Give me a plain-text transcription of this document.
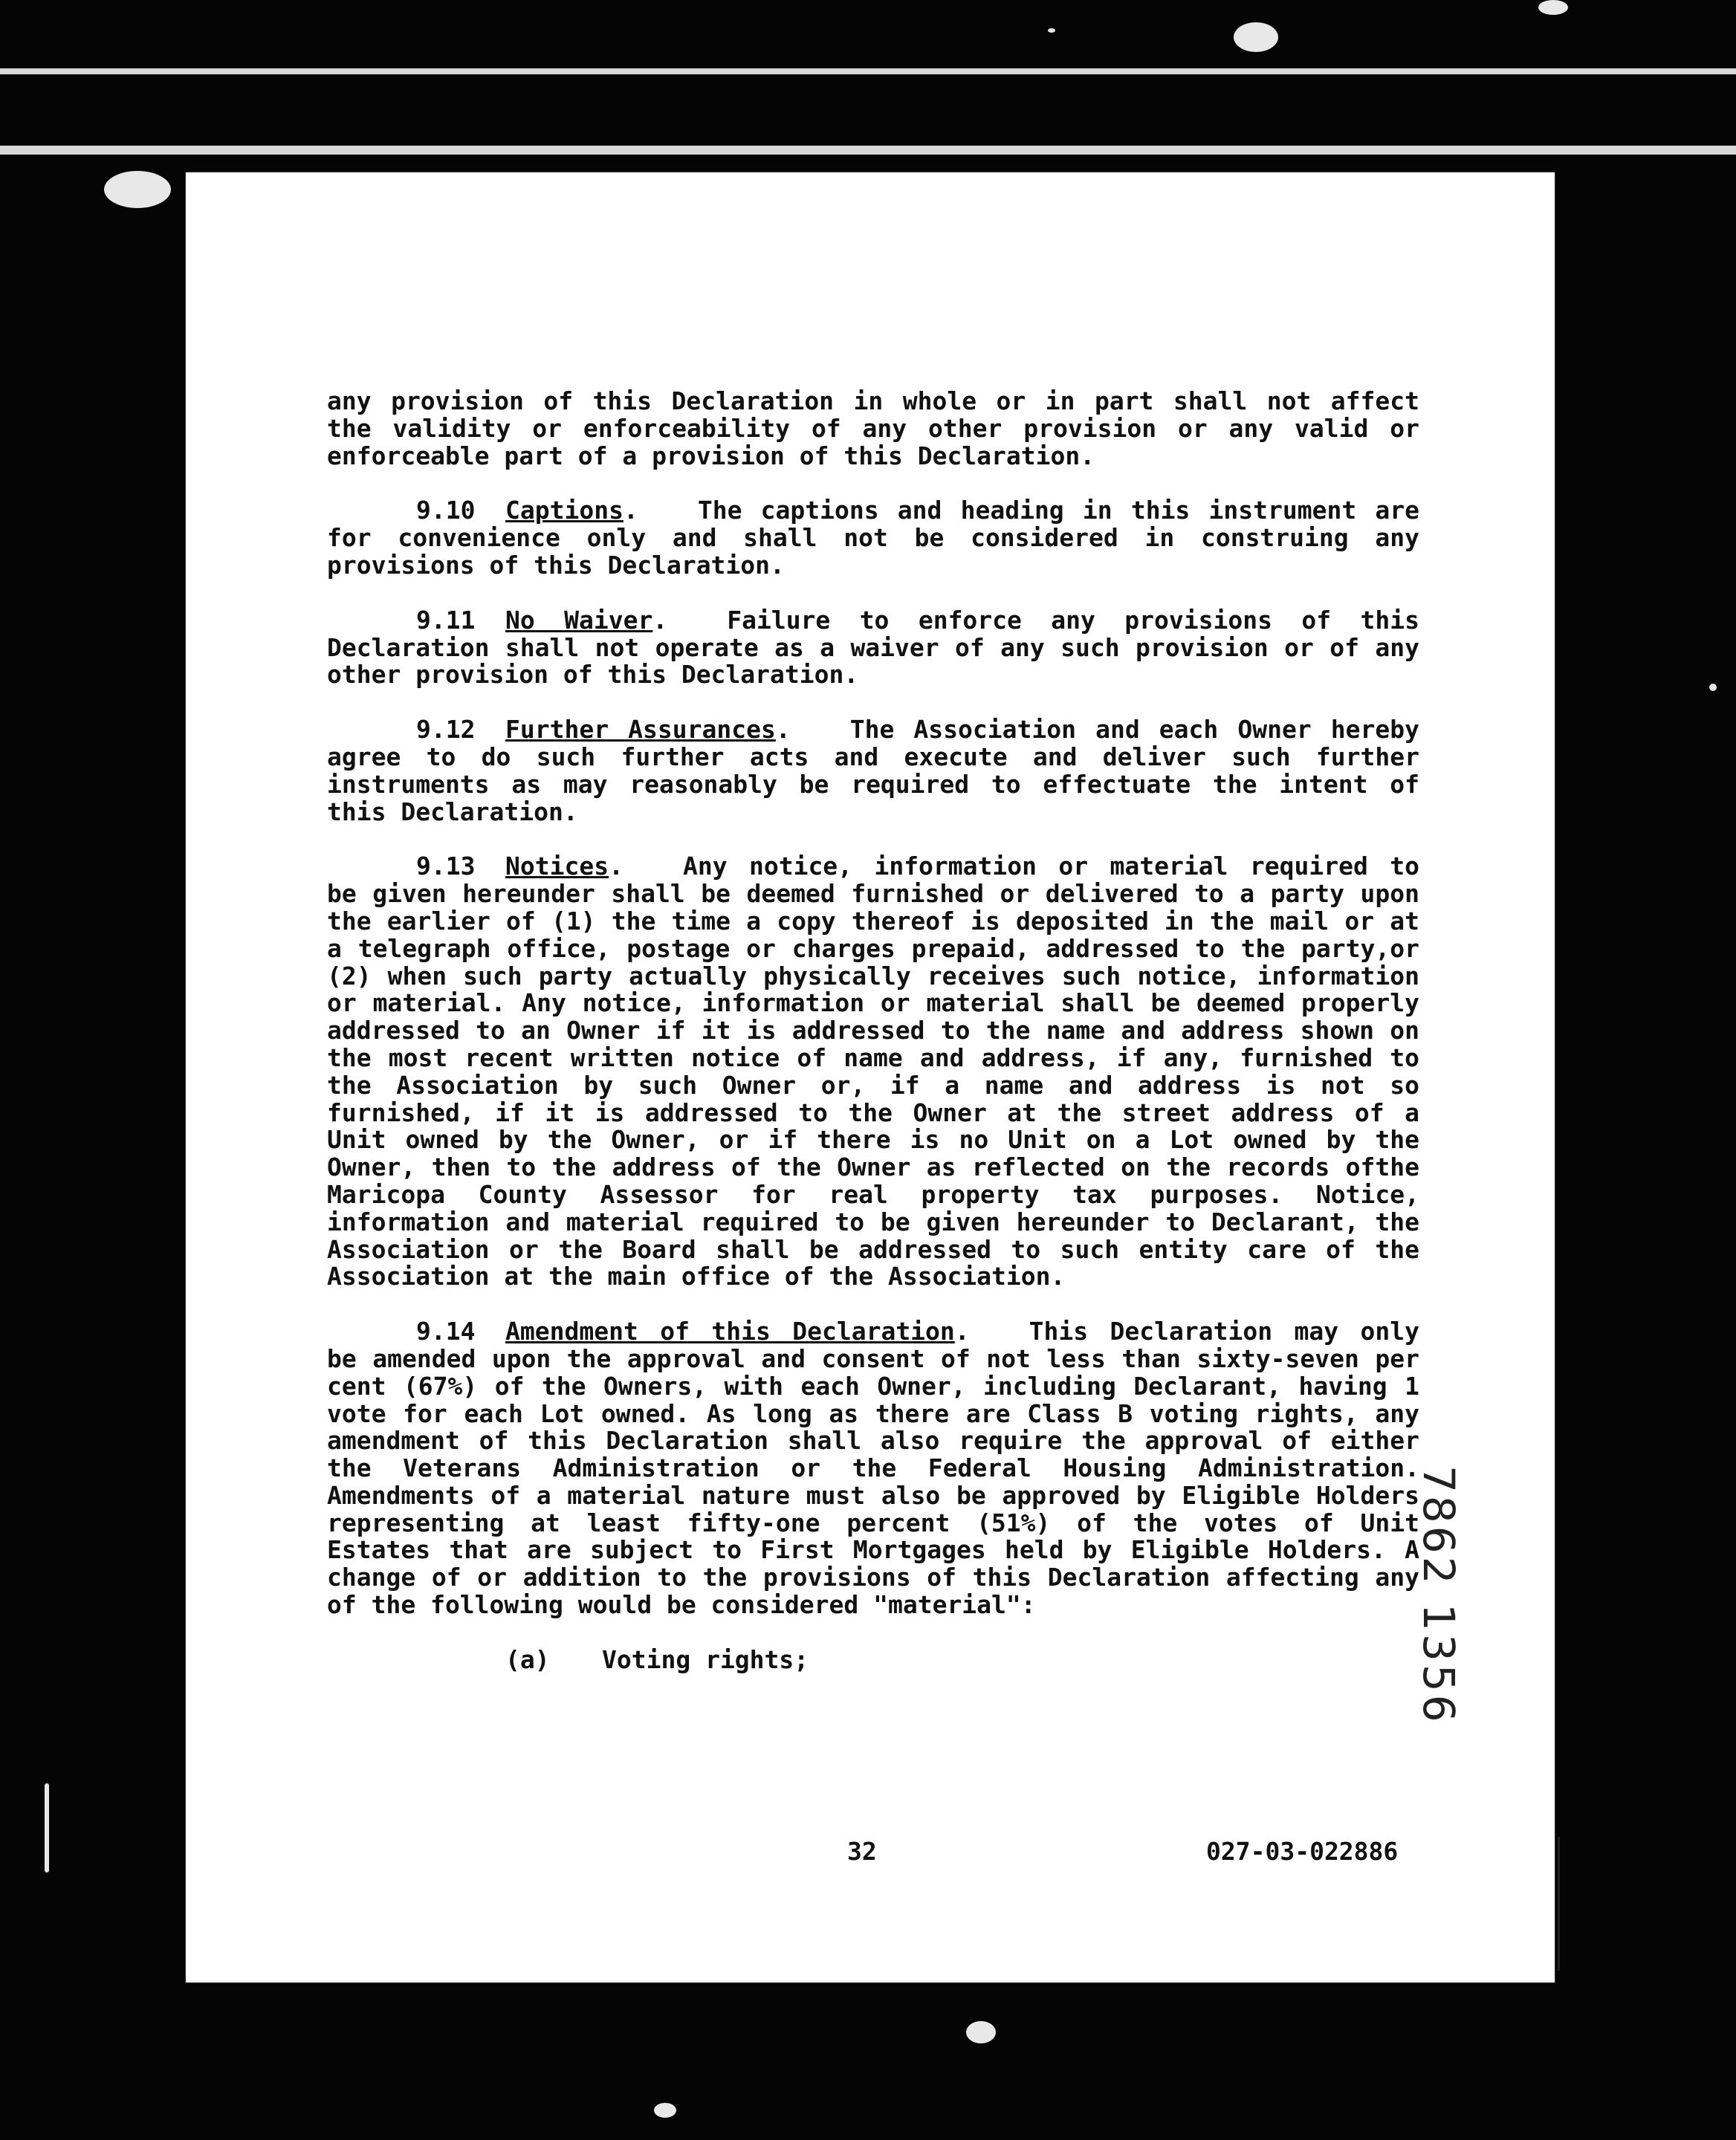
any provision of this Declaration in whole or in part shall not affect the validity or enforceability of any other provision or any valid or enforceable part of a provision of this Declaration.

9.10 Captions. The captions and heading in this instrument are for convenience only and shall not be considered in construing any provisions of this Declaration.

9.11 No Waiver. Failure to enforce any provisions of this Declaration shall not operate as a waiver of any such provision or of any other provision of this Declaration.

9.12 Further Assurances. The Association and each Owner hereby agree to do such further acts and execute and deliver such further instruments as may reasonably be required to effectuate the intent of this Declaration.

9.13 Notices. Any notice, information or material required to be given hereunder shall be deemed furnished or delivered to a party upon the earlier of (1) the time a copy thereof is deposited in the mail or at a telegraph office, postage or charges prepaid, addressed to the party,or (2) when such party actually physically receives such notice, information or material. Any notice, information or material shall be deemed properly addressed to an Owner if it is addressed to the name and address shown on the most recent written notice of name and address, if any, furnished to the Association by such Owner or, if a name and address is not so furnished, if it is addressed to the Owner at the street address of a Unit owned by the Owner, or if there is no Unit on a Lot owned by the Owner, then to the address of the Owner as reflected on the records ofthe Maricopa County Assessor for real property tax purposes. Notice, information and material required to be given hereunder to Declarant, the Association or the Board shall be addressed to such entity care of the Association at the main office of the Association.

9.14 Amendment of this Declaration. This Declaration may only be amended upon the approval and consent of not less than sixty-seven per cent (67%) of the Owners, with each Owner, including Declarant, having 1 vote for each Lot owned. As long as there are Class B voting rights, any amendment of this Declaration shall also require the approval of either the Veterans Administration or the Federal Housing Administration. Amendments of a material nature must also be approved by Eligible Holders representing at least fifty-one percent (51%) of the votes of Unit Estates that are subject to First Mortgages held by Eligible Holders. A change of or addition to the provisions of this Declaration affecting any of the following would be considered "material":

(a) Voting rights;

32	027-03-022886
7862 1356
